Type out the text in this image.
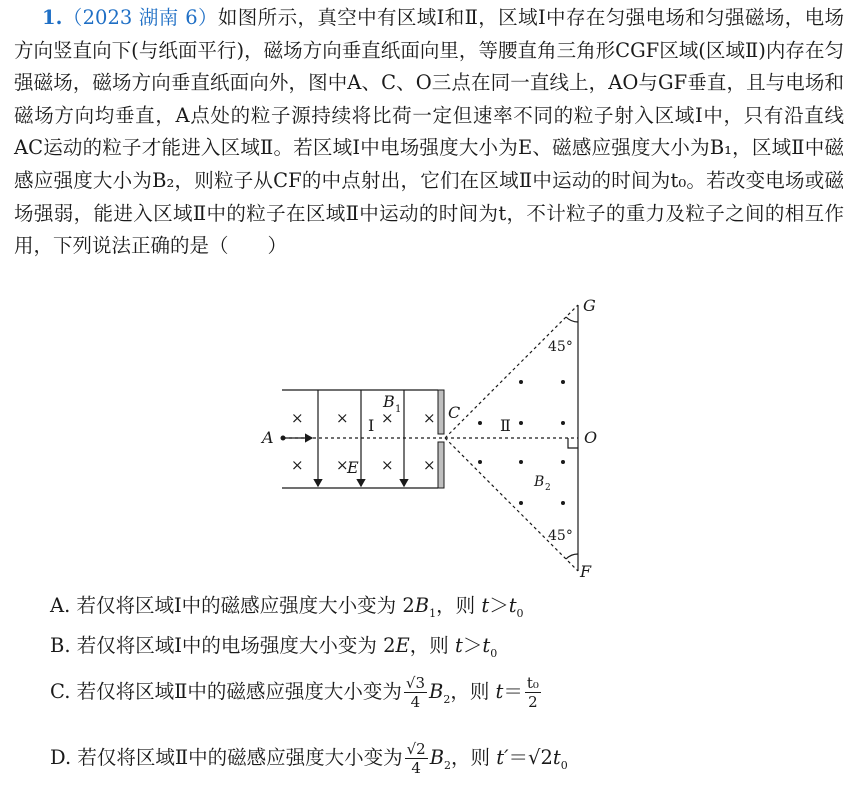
1.（2023 湖南 6）如图所示，真空中有区域Ⅰ和Ⅱ，区域Ⅰ中存在匀强电场和匀强磁场，电场方向竖直向下(与纸面平行)，磁场方向垂直纸面向里，等腰直角三角形CGF区域(区域Ⅱ)内存在匀强磁场，磁场方向垂直纸面向外，图中A、C、O三点在同一直线上，AO与GF垂直，且与电场和磁场方向均垂直，A点处的粒子源持续将比荷一定但速率不同的粒子射入区域Ⅰ中，只有沿直线AC运动的粒子才能进入区域Ⅱ。若区域Ⅰ中电场强度大小为E、磁感应强度大小为B₁，区域Ⅱ中磁感应强度大小为B₂，则粒子从CF的中点射出，它们在区域Ⅱ中运动的时间为t₀。若改变电场或磁场强弱，能进入区域Ⅱ中的粒子在区域Ⅱ中运动的时间为t，不计粒子的重力及粒子之间的相互作用，下列说法正确的是（　　）
× × × ×
× × × ×
A
C
O
G
F
E
B 1
B 2
Ⅰ	Ⅱ
45°
45°
A. 若仅将区域Ⅰ中的磁感应强度大小变为 $2B_1$，则 $t>t_0$
B. 若仅将区域Ⅰ中的电场强度大小变为 2E，则 $t>t_0$
C. 若仅将区域Ⅱ中的磁感应强度大小变为 $\frac{√3}{4} B_2$，则 $t= \frac{\text{t₀}}{2}$
D. 若仅将区域Ⅱ中的磁感应强度大小变为 $\frac{√2}{4} B_2$，则 $t'=√2t_0$
